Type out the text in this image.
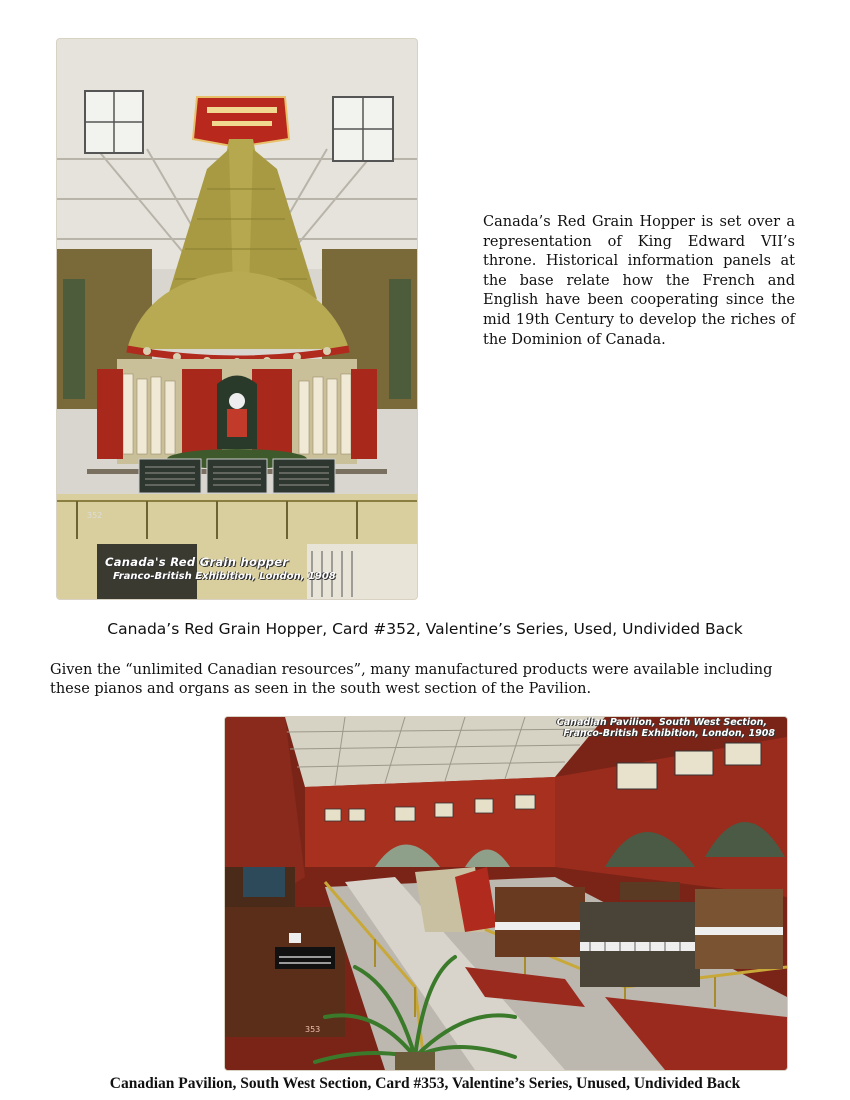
352
Canada's Red Grain hopper
Franco-British Exhibition, London, 1908

Canada’s Red Grain Hopper is set over a representation of King Edward VII’s throne. Historical information panels at the base relate how the French and English have been cooperating since the mid 19th Century to develop the riches of the Dominion of Canada.

Canada’s Red Grain Hopper, Card #352, Valentine’s Series, Used, Undivided Back

Given the “unlimited Canadian resources”, many manufactured products were available including these pianos and organs as seen in the south west section of the Pavilion.

Canadian Pavilion, South West Section,
Franco-British Exhibition, London, 1908
353

Canadian Pavilion, South West Section, Card #353, Valentine’s Series, Unused, Undivided Back
